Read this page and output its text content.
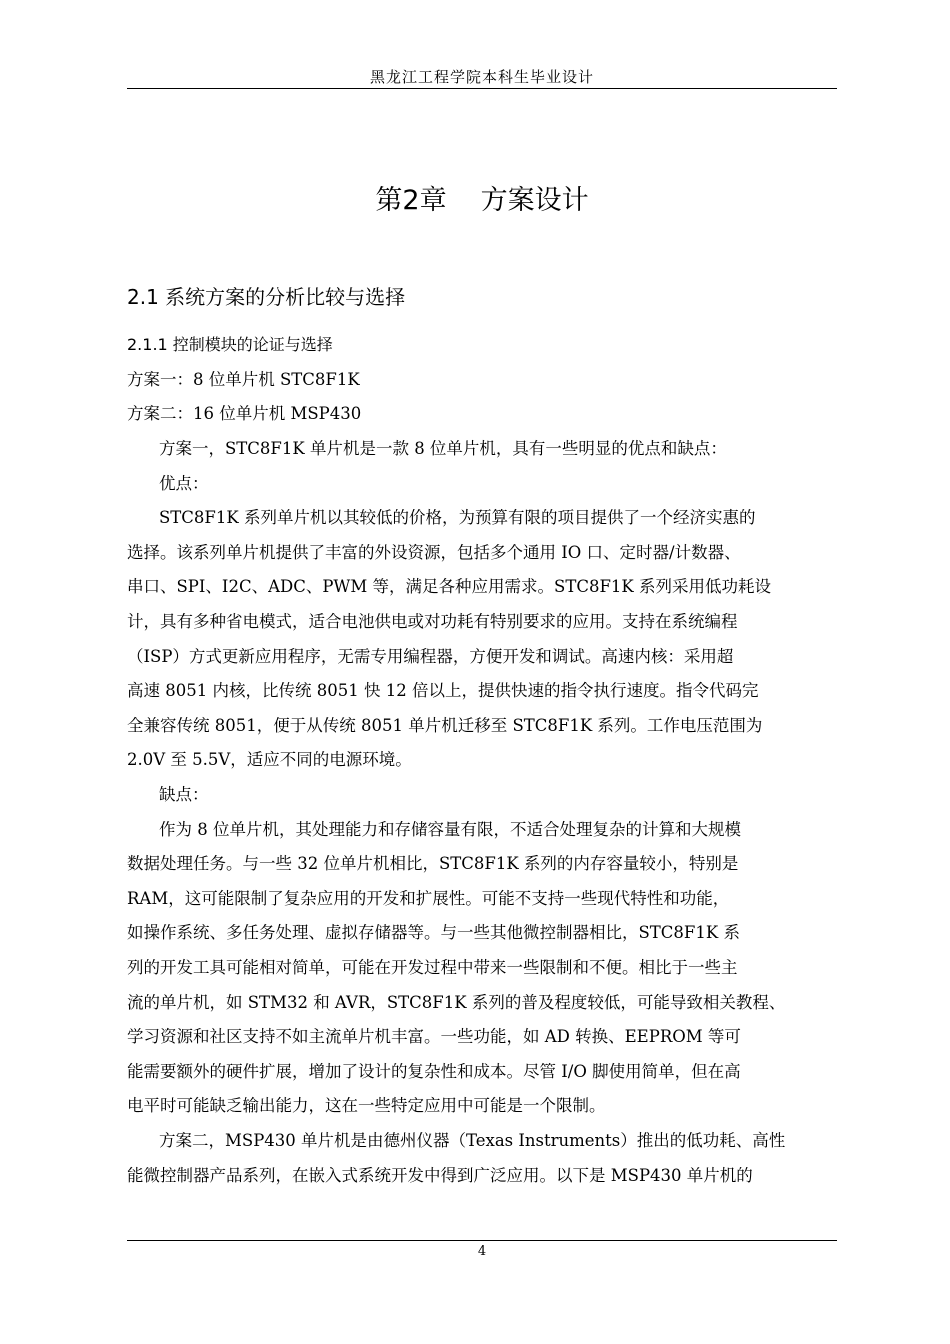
黑龙江工程学院本科生毕业设计
第2章 方案设计
2.1 系统方案的分析比较与选择
2.1.1 控制模块的论证与选择
方案一：8 位单片机 STC8F1K
方案二：16 位单片机 MSP430
方案一，STC8F1K 单片机是一款 8 位单片机，具有一些明显的优点和缺点：
优点：
STC8F1K 系列单片机以其较低的价格，为预算有限的项目提供了一个经济实惠的
选择。该系列单片机提供了丰富的外设资源，包括多个通用 IO 口、定时器/计数器、
串口、SPI、I2C、ADC、PWM 等，满足各种应用需求。STC8F1K 系列采用低功耗设
计，具有多种省电模式，适合电池供电或对功耗有特别要求的应用。支持在系统编程
（ISP）方式更新应用程序，无需专用编程器，方便开发和调试。高速内核：采用超
高速 8051 内核，比传统 8051 快 12 倍以上，提供快速的指令执行速度。指令代码完
全兼容传统 8051，便于从传统 8051 单片机迁移至 STC8F1K 系列。工作电压范围为
2.0V 至 5.5V，适应不同的电源环境。
缺点：
作为 8 位单片机，其处理能力和存储容量有限，不适合处理复杂的计算和大规模
数据处理任务。与一些 32 位单片机相比，STC8F1K 系列的内存容量较小，特别是
RAM，这可能限制了复杂应用的开发和扩展性。可能不支持一些现代特性和功能，
如操作系统、多任务处理、虚拟存储器等。与一些其他微控制器相比，STC8F1K 系
列的开发工具可能相对简单，可能在开发过程中带来一些限制和不便。相比于一些主
流的单片机，如 STM32 和 AVR，STC8F1K 系列的普及程度较低，可能导致相关教程、
学习资源和社区支持不如主流单片机丰富。一些功能，如 AD 转换、EEPROM 等可
能需要额外的硬件扩展，增加了设计的复杂性和成本。尽管 I/O 脚使用简单，但在高
电平时可能缺乏输出能力，这在一些特定应用中可能是一个限制。
方案二，MSP430 单片机是由德州仪器（Texas Instruments）推出的低功耗、高性
能微控制器产品系列，在嵌入式系统开发中得到广泛应用。以下是 MSP430 单片机的
4
